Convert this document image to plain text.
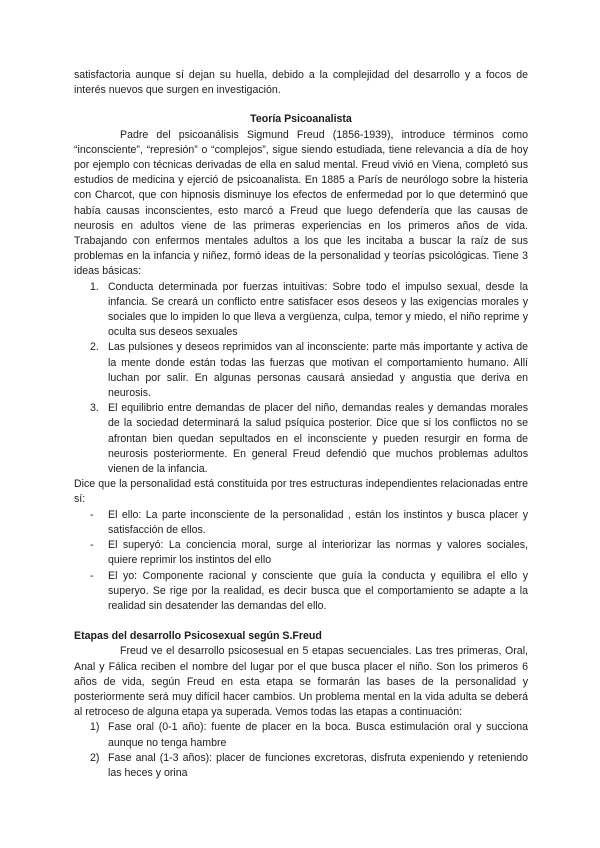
satisfactoria aunque sí dejan su huella, debido a la complejidad del desarrollo y a focos de interés nuevos que surgen en investigación.

Teoría Psicoanalista

Padre del psicoanálisis Sigmund Freud (1856-1939), introduce términos como “inconsciente”, “represión” o “complejos”, sigue siendo estudiada, tiene relevancia a día de hoy por ejemplo con técnicas derivadas de ella en salud mental. Freud vivió en Viena, completó sus estudios de medicina y ejerció de psicoanalista. En 1885 a París de neurólogo sobre la histeria con Charcot, que con hipnosis disminuye los efectos de enfermedad por lo que determinó que había causas inconscientes, esto marcó a Freud que luego defendería que las causas de neurosis en adultos viene de las primeras experiencias en los primeros años de vida. Trabajando con enfermos mentales adultos a los que les incitaba a buscar la raíz de sus problemas en la infancia y niñez, formó ideas de la personalidad y teorías psicológicas. Tiene 3 ideas básicas:

1. Conducta determinada por fuerzas intuitivas: Sobre todo el impulso sexual, desde la infancia. Se creará un conflicto entre satisfacer esos deseos y las exigencias morales y sociales que lo impiden lo que lleva a vergüenza, culpa, temor y miedo, el niño reprime y oculta sus deseos sexuales
2. Las pulsiones y deseos reprimidos van al inconsciente: parte más importante y activa de la mente donde están todas las fuerzas que motivan el comportamiento humano. Allí luchan por salir. En algunas personas causará ansiedad y angustia que deriva en neurosis.
3. El equilibrio entre demandas de placer del niño, demandas reales y demandas morales de la sociedad determinará la salud psíquica posterior. Dice que si los conflictos no se afrontan bien quedan sepultados en el inconsciente y pueden resurgir en forma de neurosis posteriormente. En general Freud defendió que muchos problemas adultos vienen de la infancia.

Dice que la personalidad está constituida por tres estructuras independientes relacionadas entre sí:

- El ello: La parte inconsciente de la personalidad , están los instintos y busca placer y satisfacción de ellos.
- El superyó: La conciencia moral, surge al interiorizar las normas y valores sociales, quiere reprimir los instintos del ello
- El yo: Componente racional y consciente que guía la conducta y equilibra el ello y superyo. Se rige por la realidad, es decir busca que el comportamiento se adapte a la realidad sin desatender las demandas del ello.
Etapas del desarrollo Psicosexual según S.Freud

Freud ve el desarrollo psicosesual en 5 etapas secuenciales. Las tres primeras, Oral, Anal y Fálica reciben el nombre del lugar por el que busca placer el niño. Son los primeros 6 años de vida, según Freud en esta etapa se formarán las bases de la personalidad y posteriormente será muy difícil hacer cambios. Un problema mental en la vida adulta se deberá al retroceso de alguna etapa ya superada. Vemos todas las etapas a continuación:

1) Fase oral (0-1 año): fuente de placer en la boca. Busca estimulación oral y succiona aunque no tenga hambre
2) Fase anal (1-3 años): placer de funciones excretoras, disfruta expeniendo y reteniendo las heces y orina
